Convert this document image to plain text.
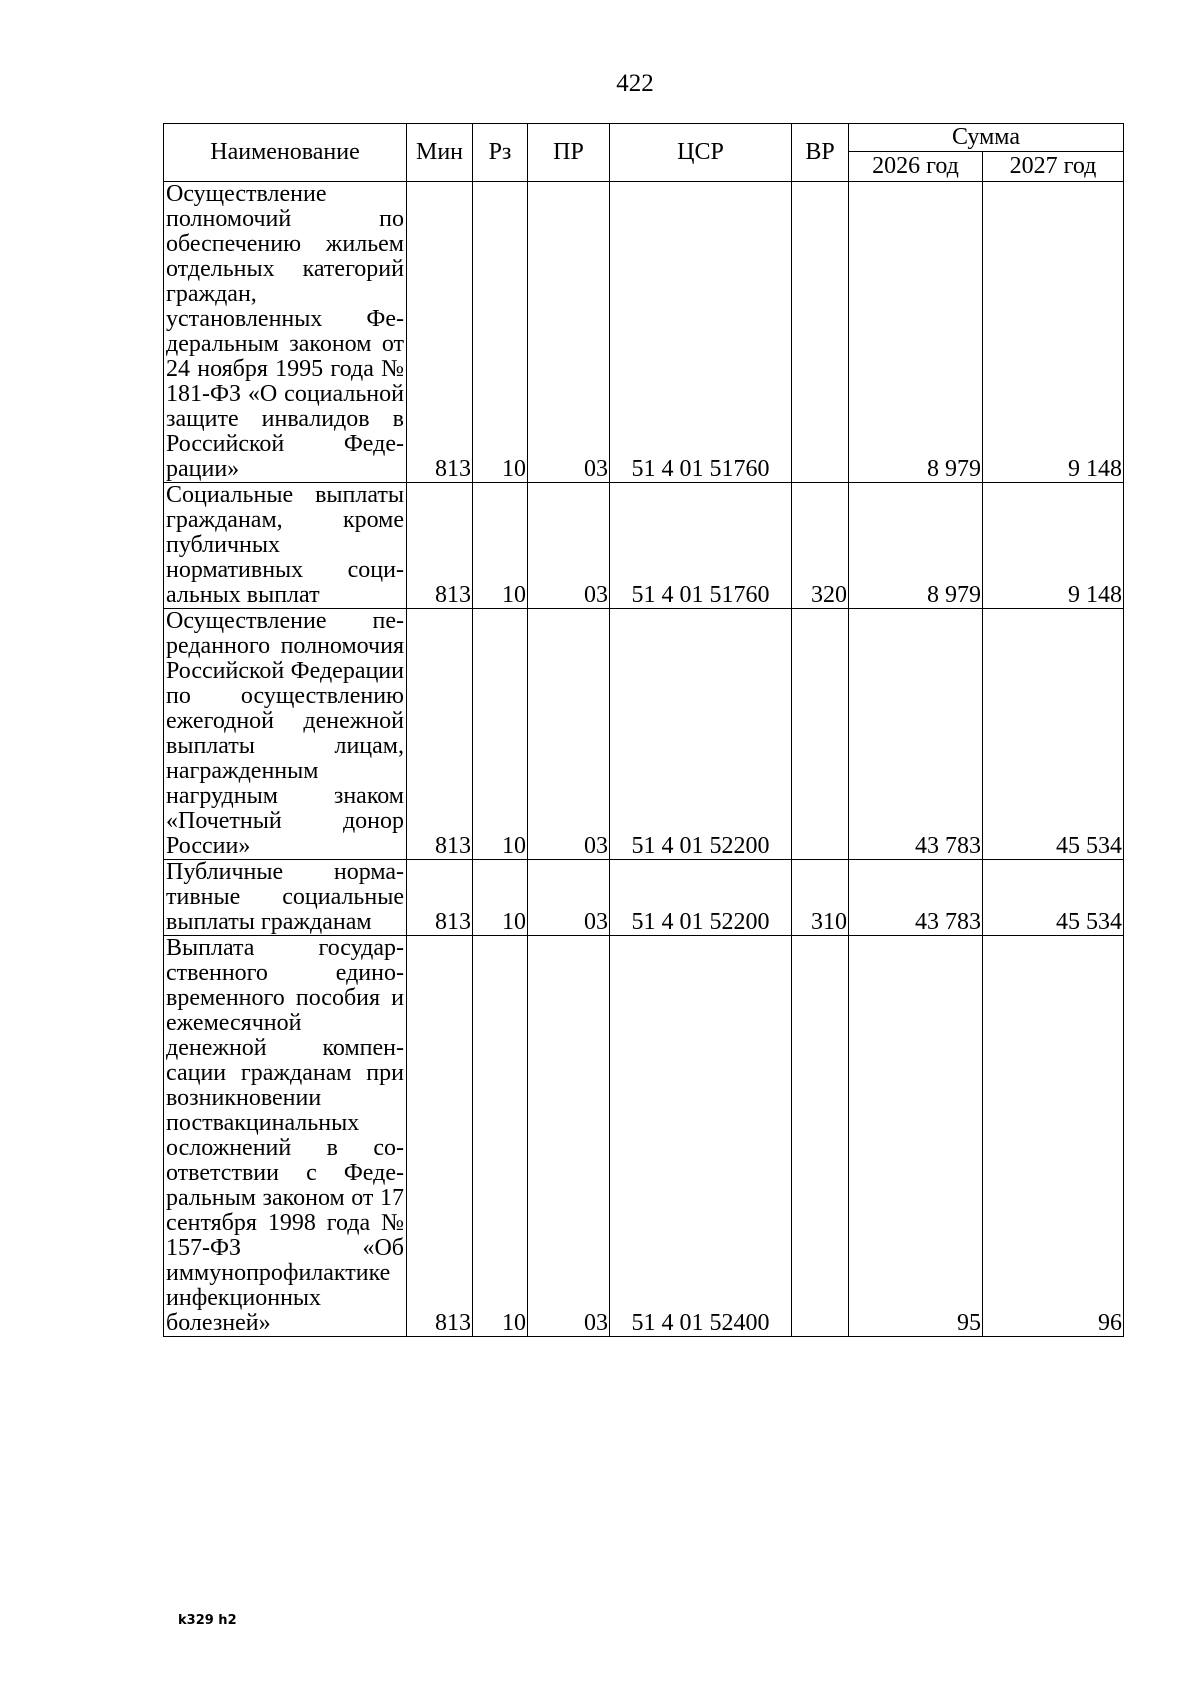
422
Наименование	Мин	Рз	ПР	ЦСР	ВР	Сумма	
						2026 год	2027 год
Осуществление полномочий по обеспечению жильем отдельных категорий граждан, установленных Федеральным законом от 24 ноября 1995 года № 181-ФЗ «О социальной защите инвалидов в Российской Федерации»	813	10	03	51 4 01 51760		8 979	9 148
Социальные выплаты гражданам, кроме публичных нормативных социальных выплат	813	10	03	51 4 01 51760	320	8 979	9 148
Осуществление переданного полномочия Российской Федерации по осуществлению ежегодной денежной выплаты лицам, награжденным нагрудным знаком «Почетный донор России»	813	10	03	51 4 01 52200		43 783	45 534
Публичные нормативные социальные выплаты гражданам	813	10	03	51 4 01 52200	310	43 783	45 534
Выплата государственного единовременного пособия и ежемесячной денежной компенсации гражданам при возникновении поствакцинальных осложнений в соответствии с Федеральным законом от 17 сентября 1998 года № 157-ФЗ «Об иммунопрофилактике инфекционных болезней»	813	10	03	51 4 01 52400		95	96
k329 h2
